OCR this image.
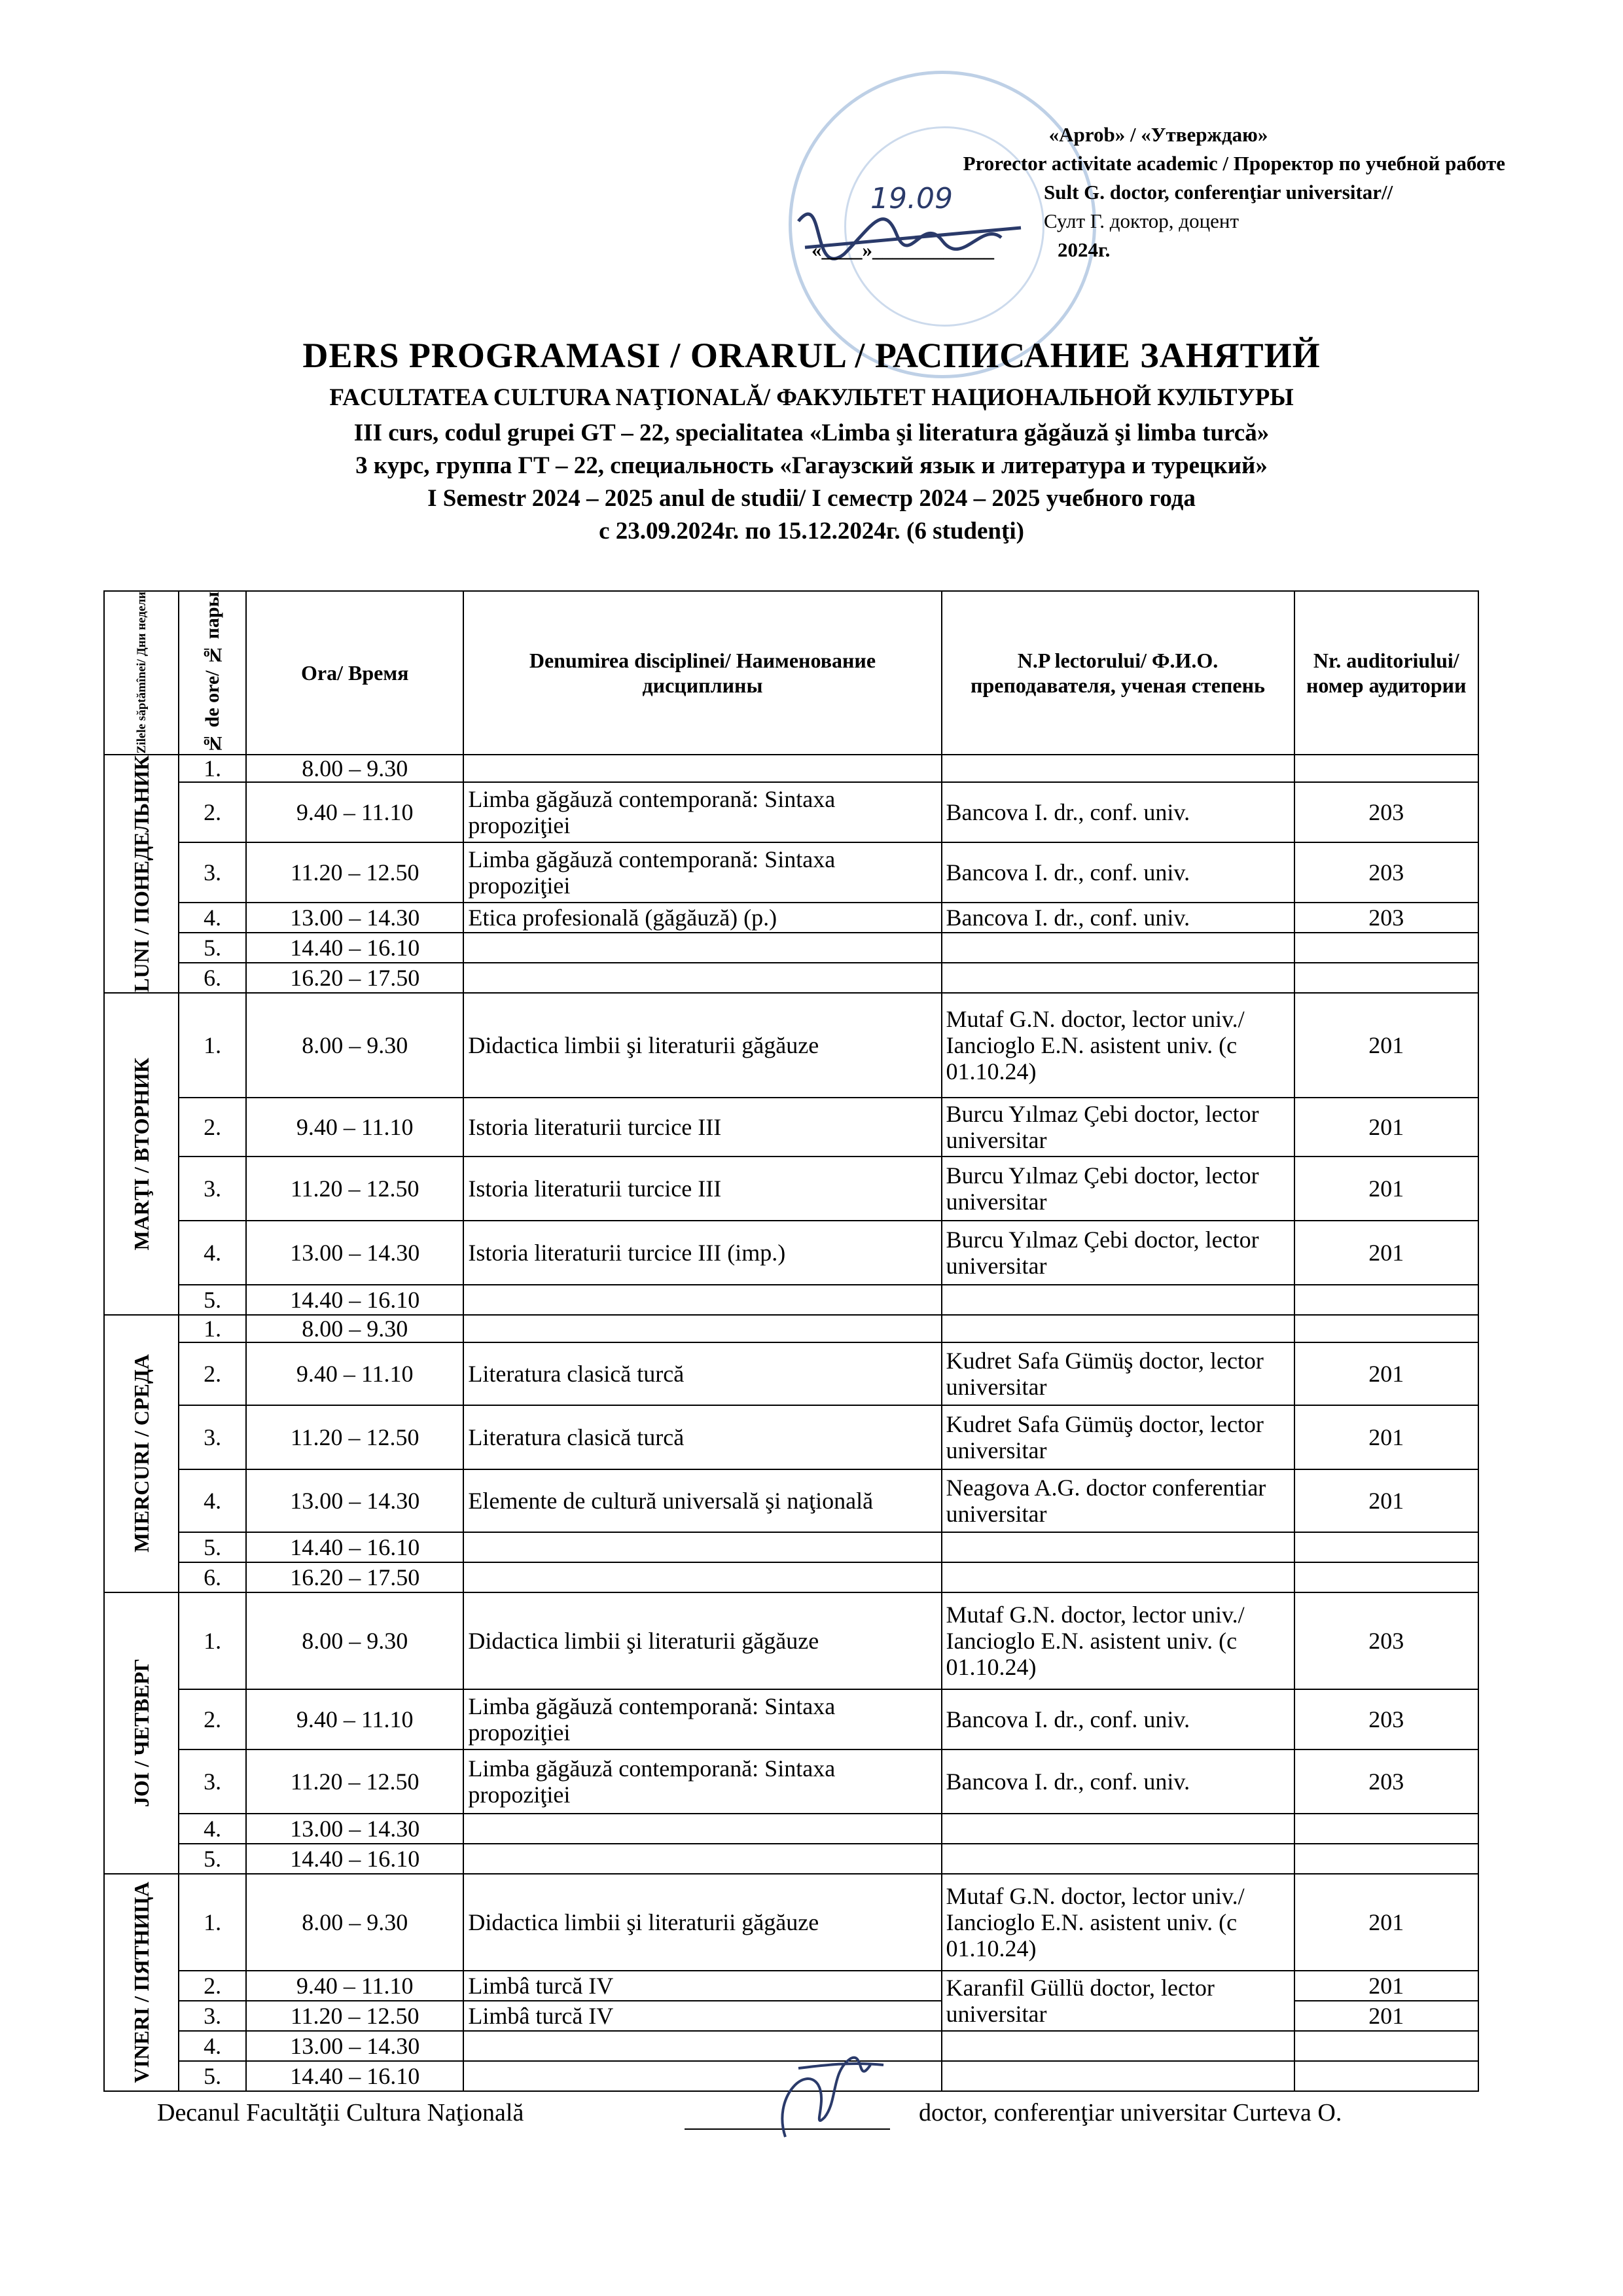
19.09
«Aprob» / «Утверждаю»
Prorector activitate academic / Проректор по учебной работе
Sult G. doctor, conferenţiar universitar//
Султ Г. доктор, доцент
«____»____________	2024г.
DERS PROGRAMASI / ORARUL / РАСПИСАНИЕ ЗАНЯТИЙ
FACULTATEA CULTURA NAŢIONALĂ/ ФАКУЛЬТЕТ НАЦИОНАЛЬНОЙ КУЛЬТУРЫ
III curs, codul grupei GT – 22, specialitatea «Limba şi literatura găgăuză şi limba turcă»
3 курс, группа ГТ – 22, специальность «Гагаузский язык и литература и турецкий»
I Semestr 2024 – 2025 anul de studii/ I семестр 2024 – 2025 учебного года
с 23.09.2024г. по 15.12.2024г. (6 studenţi)
Zilele săptămînei/ Дни недели	№ de ore/ № пары	Ora/ Время	Denumirea disciplinei/ Наименование дисциплины	N.P lectorului/ Ф.И.О. преподавателя, ученая степень	Nr. auditoriului/ номер аудитории

LUNI / ПОНЕДЕЛЬНИК	1.	8.00 – 9.30			
	2.	9.40 – 11.10	Limba găgăuză contemporană: Sintaxa propoziţiei	Bancova I. dr., conf. univ.	203
	3.	11.20 – 12.50	Limba găgăuză contemporană: Sintaxa propoziţiei	Bancova I. dr., conf. univ.	203
	4.	13.00 – 14.30	Etica profesională (găgăuză) (p.)	Bancova I. dr., conf. univ.	203
	5.	14.40 – 16.10			
	6.	16.20 – 17.50			

MARŢI / ВТОРНИК	1.	8.00 – 9.30	Didactica limbii şi literaturii găgăuze	Mutaf G.N. doctor, lector univ./ Iancioglo E.N. asistent univ. (c 01.10.24)	201
	2.	9.40 – 11.10	Istoria literaturii turcice III	Burcu Yılmaz Çebi doctor, lector universitar	201
	3.	11.20 – 12.50	Istoria literaturii turcice III	Burcu Yılmaz Çebi doctor, lector universitar	201
	4.	13.00 – 14.30	Istoria literaturii turcice III (imp.)	Burcu Yılmaz Çebi doctor, lector universitar	201
	5.	14.40 – 16.10			

MIERCURI / СРЕДА	1.	8.00 – 9.30			
	2.	9.40 – 11.10	Literatura clasică turcă	Kudret Safa Gümüş doctor, lector universitar	201
	3.	11.20 – 12.50	Literatura clasică turcă	Kudret Safa Gümüş doctor, lector universitar	201
	4.	13.00 – 14.30	Elemente de cultură universală şi naţională	Neagova A.G. doctor conferentiar universitar	201
	5.	14.40 – 16.10			
	6.	16.20 – 17.50			

JOI / ЧЕТВЕРГ	1.	8.00 – 9.30	Didactica limbii şi literaturii găgăuze	Mutaf G.N. doctor, lector univ./ Iancioglo E.N. asistent univ. (c 01.10.24)	203
	2.	9.40 – 11.10	Limba găgăuză contemporană: Sintaxa propoziţiei	Bancova I. dr., conf. univ.	203
	3.	11.20 – 12.50	Limba găgăuză contemporană: Sintaxa propoziţiei	Bancova I. dr., conf. univ.	203
	4.	13.00 – 14.30			
	5.	14.40 – 16.10			

VINERI / ПЯТНИЦА	1.	8.00 – 9.30	Didactica limbii şi literaturii găgăuze	Mutaf G.N. doctor, lector univ./ Iancioglo E.N. asistent univ. (c 01.10.24)	201
	2.	9.40 – 11.10	Limbâ turcă IV	Karanfil Güllü doctor, lector universitar	201
	3.	11.20 – 12.50	Limbâ turcă IV		201
	4.	13.00 – 14.30			
	5.	14.40 – 16.10			
Decanul Facultăţii Cultura Naţională	doctor, conferenţiar universitar Curteva O.
